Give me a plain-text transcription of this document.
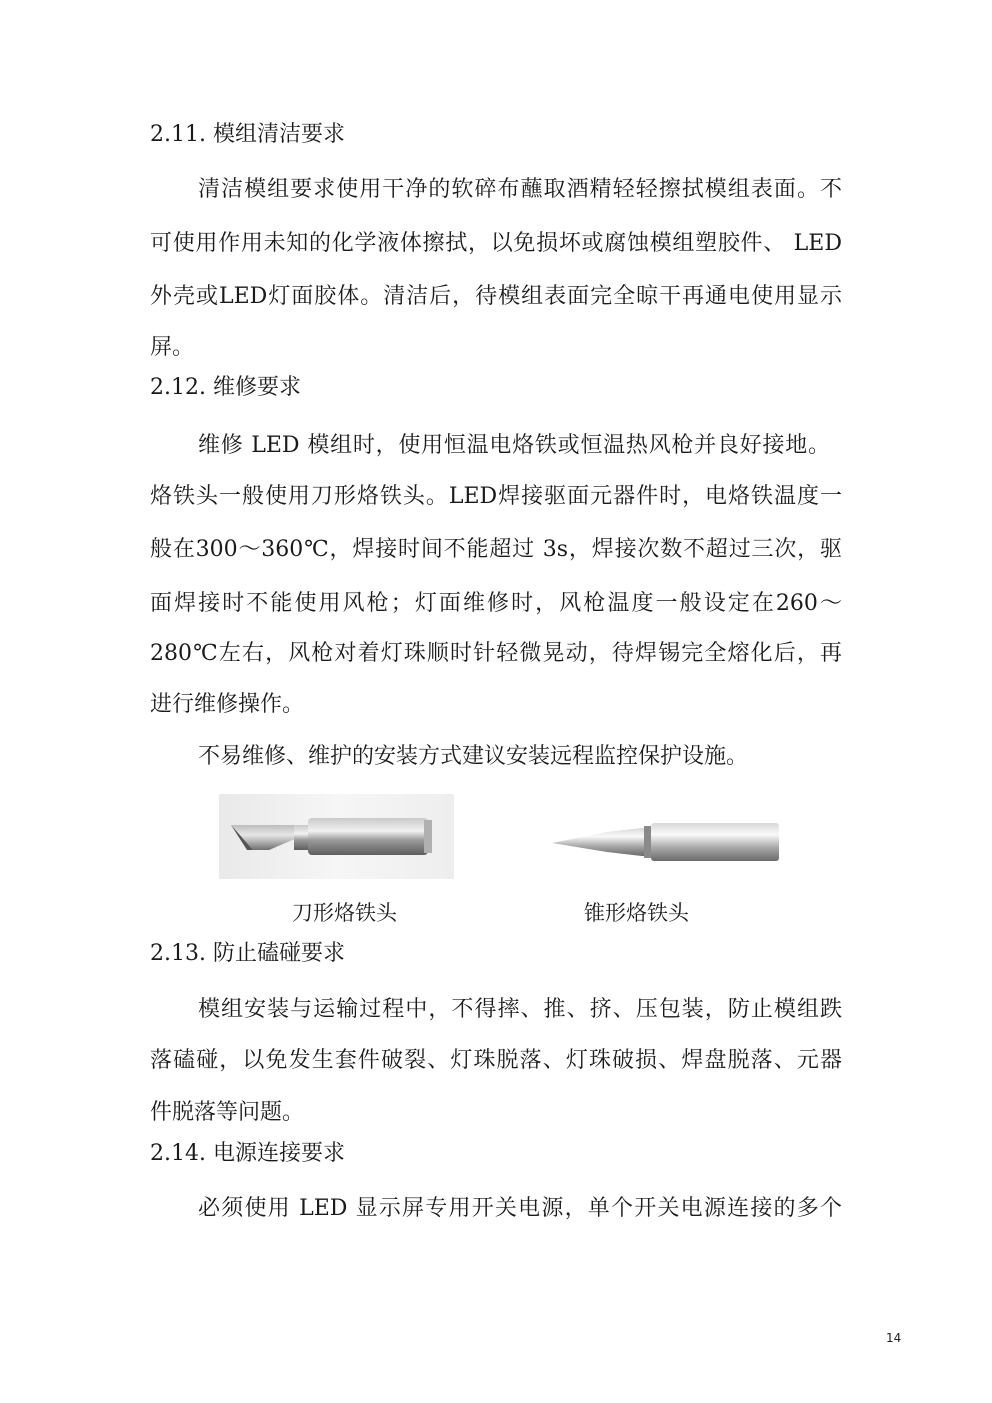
2.11. 模组清洁要求
清洁模组要求使用干净的软碎布蘸取酒精轻轻擦拭模组表面。不
可使用作用未知的化学液体擦拭，以免损坏或腐蚀模组塑胶件、 LED
外壳或LED灯面胶体。清洁后，待模组表面完全晾干再通电使用显示
屏。
2.12. 维修要求
维修 LED 模组时，使用恒温电烙铁或恒温热风枪并良好接地。
烙铁头一般使用刀形烙铁头。LED焊接驱面元器件时，电烙铁温度一
般在300～360℃，焊接时间不能超过 3s，焊接次数不超过三次，驱
面焊接时不能使用风枪；灯面维修时，风枪温度一般设定在260～
280℃左右，风枪对着灯珠顺时针轻微晃动，待焊锡完全熔化后，再
进行维修操作。
不易维修、维护的安装方式建议安装远程监控保护设施。
刀形烙铁头	锥形烙铁头
2.13. 防止磕碰要求
模组安装与运输过程中，不得摔、推、挤、压包装，防止模组跌
落磕碰，以免发生套件破裂、灯珠脱落、灯珠破损、焊盘脱落、元器
件脱落等问题。
2.14. 电源连接要求
必须使用 LED 显示屏专用开关电源，单个开关电源连接的多个
14
